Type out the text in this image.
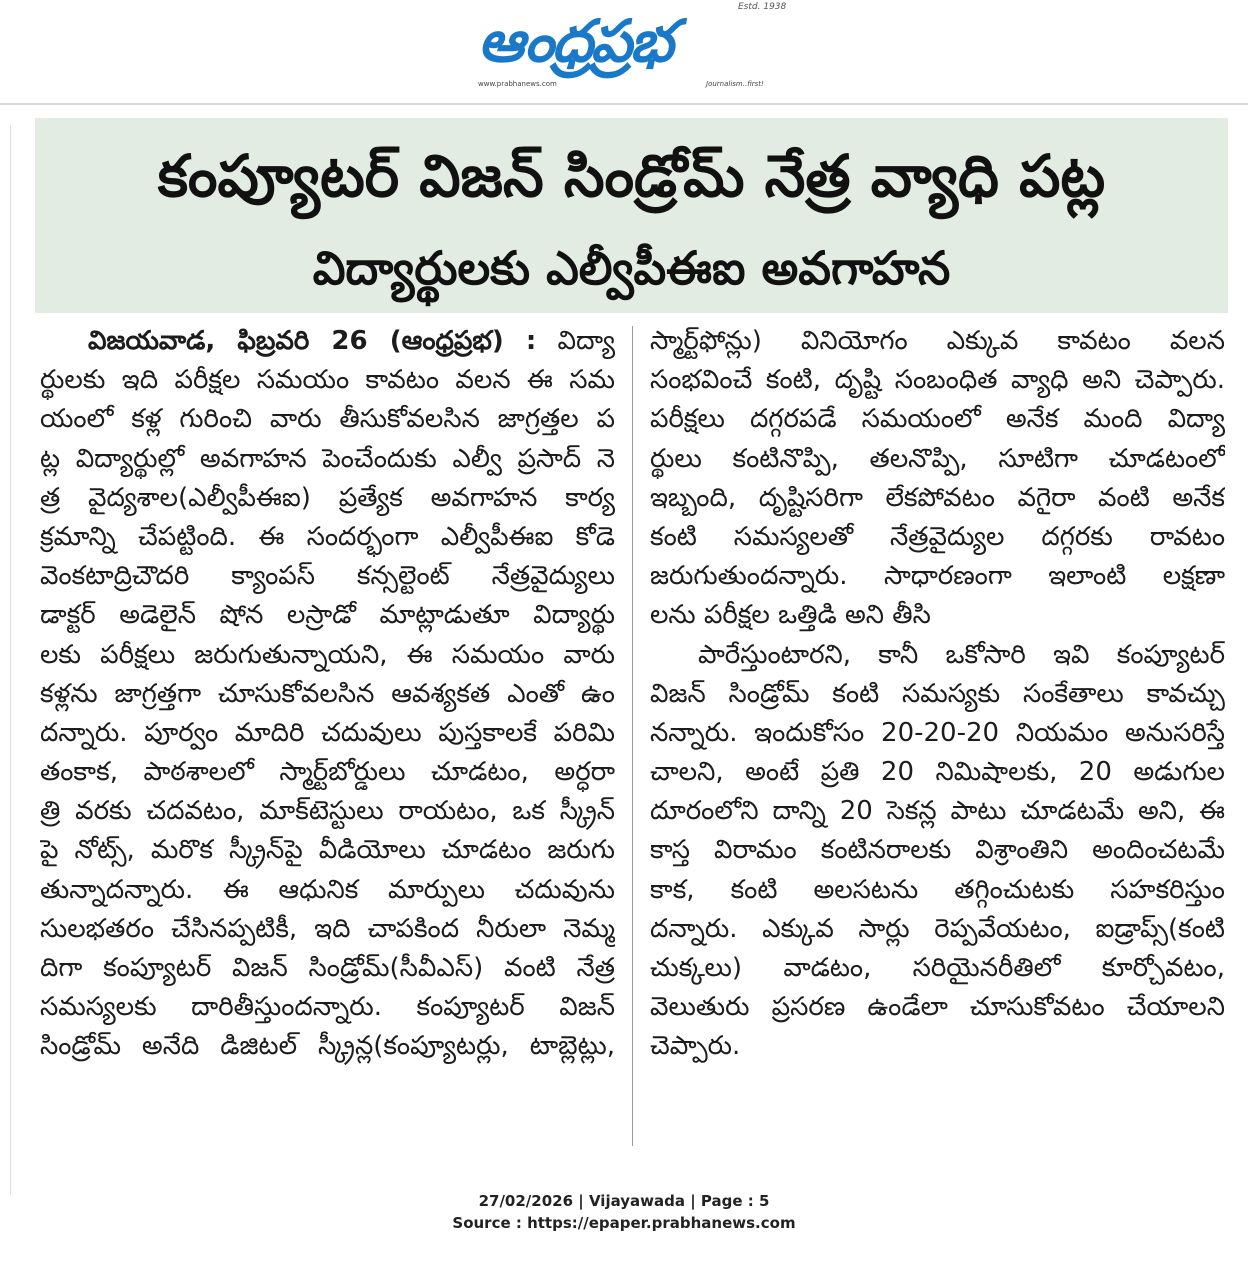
ఆంధ్రప్రభ	Estd. 1938
www.prabhanews.com	Journalism..first!
కంప్యూటర్ విజన్ సిండ్రోమ్ నేత్ర వ్యాధి పట్ల
విద్యార్థులకు ఎల్వీపీఈఐ అవగాహన
విజయవాడ, ఫిబ్రవరి 26 (ఆంధ్రప్రభ) : విద్యా
ర్థులకు ఇది పరీక్షల సమయం కావటం వలన ఈ సమ
యంలో కళ్ల గురించి వారు తీసుకోవలసిన జాగ్రత్తల ప
ట్ల విద్యార్థుల్లో అవగాహన పెంచేందుకు ఎల్వీ ప్రసాద్ నె
త్ర వైద్యశాల(ఎల్వీపీఈఐ) ప్రత్యేక అవగాహన కార్య
క్రమాన్ని చేపట్టింది. ఈ సందర్భంగా ఎల్వీపీఈఐ కోడె
వెంకటాద్రిచౌదరి క్యాంపస్ కన్సల్టెంట్ నేత్రవైద్యులు
డాక్టర్ అడెలైన్ షోన లస్రాడో మాట్లాడుతూ విద్యార్థు
లకు పరీక్షలు జరుగుతున్నాయని, ఈ సమయం వారు
కళ్లను జాగ్రత్తగా చూసుకోవలసిన ఆవశ్యకత ఎంతో ఉం
దన్నారు. పూర్వం మాదిరి చదువులు పుస్తకాలకే పరిమి
తంకాక, పాఠశాలలో స్మార్ట్‌బోర్డులు చూడటం, అర్ధరా
త్రి వరకు చదవటం, మాక్‌టెస్టులు రాయటం, ఒక స్క్రీన్
పై నోట్స్, మరొక స్క్రీన్‌పై వీడియోలు చూడటం జరుగు
తున్నాదన్నారు. ఈ ఆధునిక మార్పులు చదువును
సులభతరం చేసినప్పటికీ, ఇది చాపకింద నీరులా నెమ్మ
దిగా కంప్యూటర్ విజన్ సిండ్రోమ్(సీవీఎస్) వంటి నేత్ర
సమస్యలకు దారితీస్తుందన్నారు. కంప్యూటర్ విజన్
సిండ్రోమ్ అనేది డిజిటల్ స్క్రీన్ల(కంప్యూటర్లు, టాబ్లెట్లు,
స్మార్ట్‌ఫోన్లు) వినియోగం ఎక్కువ కావటం వలన
సంభవించే కంటి, దృష్టి సంబంధిత వ్యాధి అని చెప్పారు.
పరీక్షలు దగ్గరపడే సమయంలో అనేక మంది విద్యా
ర్థులు కంటినొప్పి, తలనొప్పి, సూటిగా చూడటంలో
ఇబ్బంది, దృష్టిసరిగా లేకపోవటం వగైరా వంటి అనేక
కంటి సమస్యలతో నేత్రవైద్యుల దగ్గరకు రావటం
జరుగుతుందన్నారు. సాధారణంగా ఇలాంటి లక్షణా
లను పరీక్షల ఒత్తిడి అని తీసి
పారేస్తుంటారని, కానీ ఒకోసారి ఇవి కంప్యూటర్
విజన్ సిండ్రోమ్ కంటి సమస్యకు సంకేతాలు కావచ్చు
నన్నారు. ఇందుకోసం 20-20-20 నియమం అనుసరిస్తే
చాలని, అంటే ప్రతి 20 నిమిషాలకు, 20 అడుగుల
దూరంలోని దాన్ని 20 సెకన్ల పాటు చూడటమే అని, ఈ
కాస్త విరామం కంటినరాలకు విశ్రాంతిని అందించటమే
కాక, కంటి అలసటను తగ్గించుటకు సహకరిస్తుం
దన్నారు. ఎక్కువ సార్లు రెప్పవేయటం, ఐడ్రాప్స్(కంటి
చుక్కలు) వాడటం, సరియైనరీతిలో కూర్చోవటం,
వెలుతురు ప్రసరణ ఉండేలా చూసుకోవటం చేయాలని
చెప్పారు.
27/02/2026 | Vijayawada | Page : 5
Source : https://epaper.prabhanews.com
